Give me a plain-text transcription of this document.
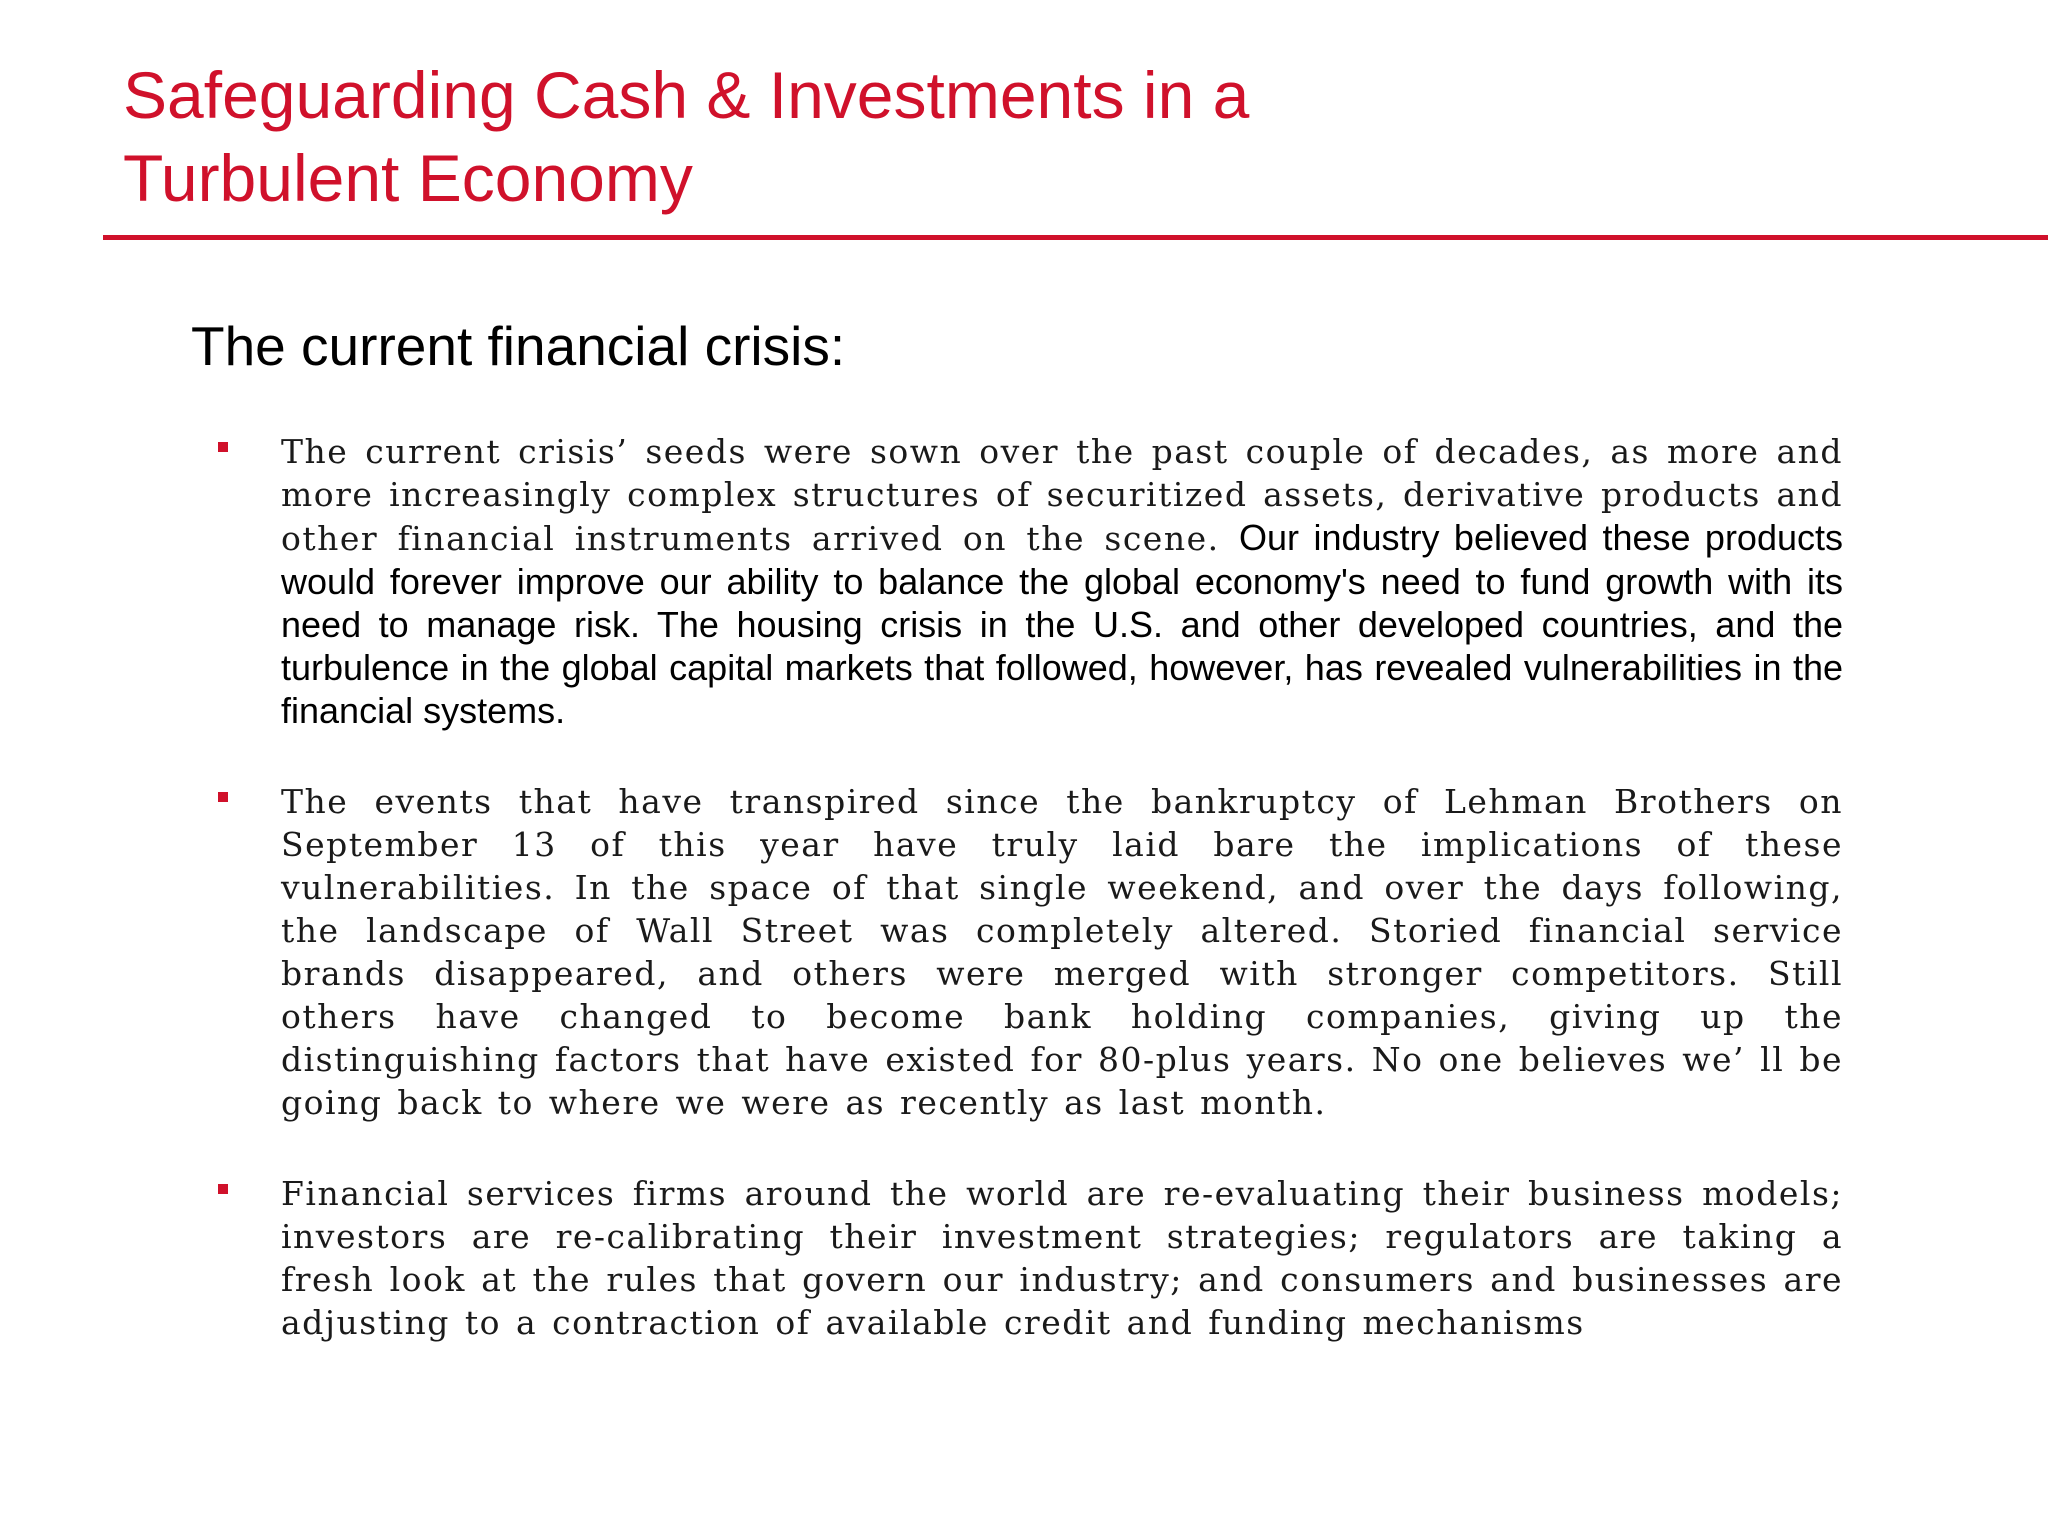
Safeguarding Cash & Investments in a
Turbulent Economy
The current financial crisis:

The current crisis’ seeds were sown over the past couple of decades, as more and more increasingly complex structures of securitized assets, derivative products and other financial instruments arrived on the scene. Our industry believed these products would forever improve our ability to balance the global economy's need to fund growth with its need to manage risk. The housing crisis in the U.S. and other developed countries, and the turbulence in the global capital markets that followed, however, has revealed vulnerabilities in the financial systems.

The events that have transpired since the bankruptcy of Lehman Brothers on September 13 of this year have truly laid bare the implications of these vulnerabilities. In the space of that single weekend, and over the days following, the landscape of Wall Street was completely altered. Storied financial service brands disappeared, and others were merged with stronger competitors. Still others have changed to become bank holding companies, giving up the distinguishing factors that have existed for 80-plus years. No one believes we’ ll be going back to where we were as recently as last month.

Financial services firms around the world are re-evaluating their business models; investors are re-calibrating their investment strategies; regulators are taking a fresh look at the rules that govern our industry; and consumers and businesses are adjusting to a contraction of available credit and funding mechanisms
